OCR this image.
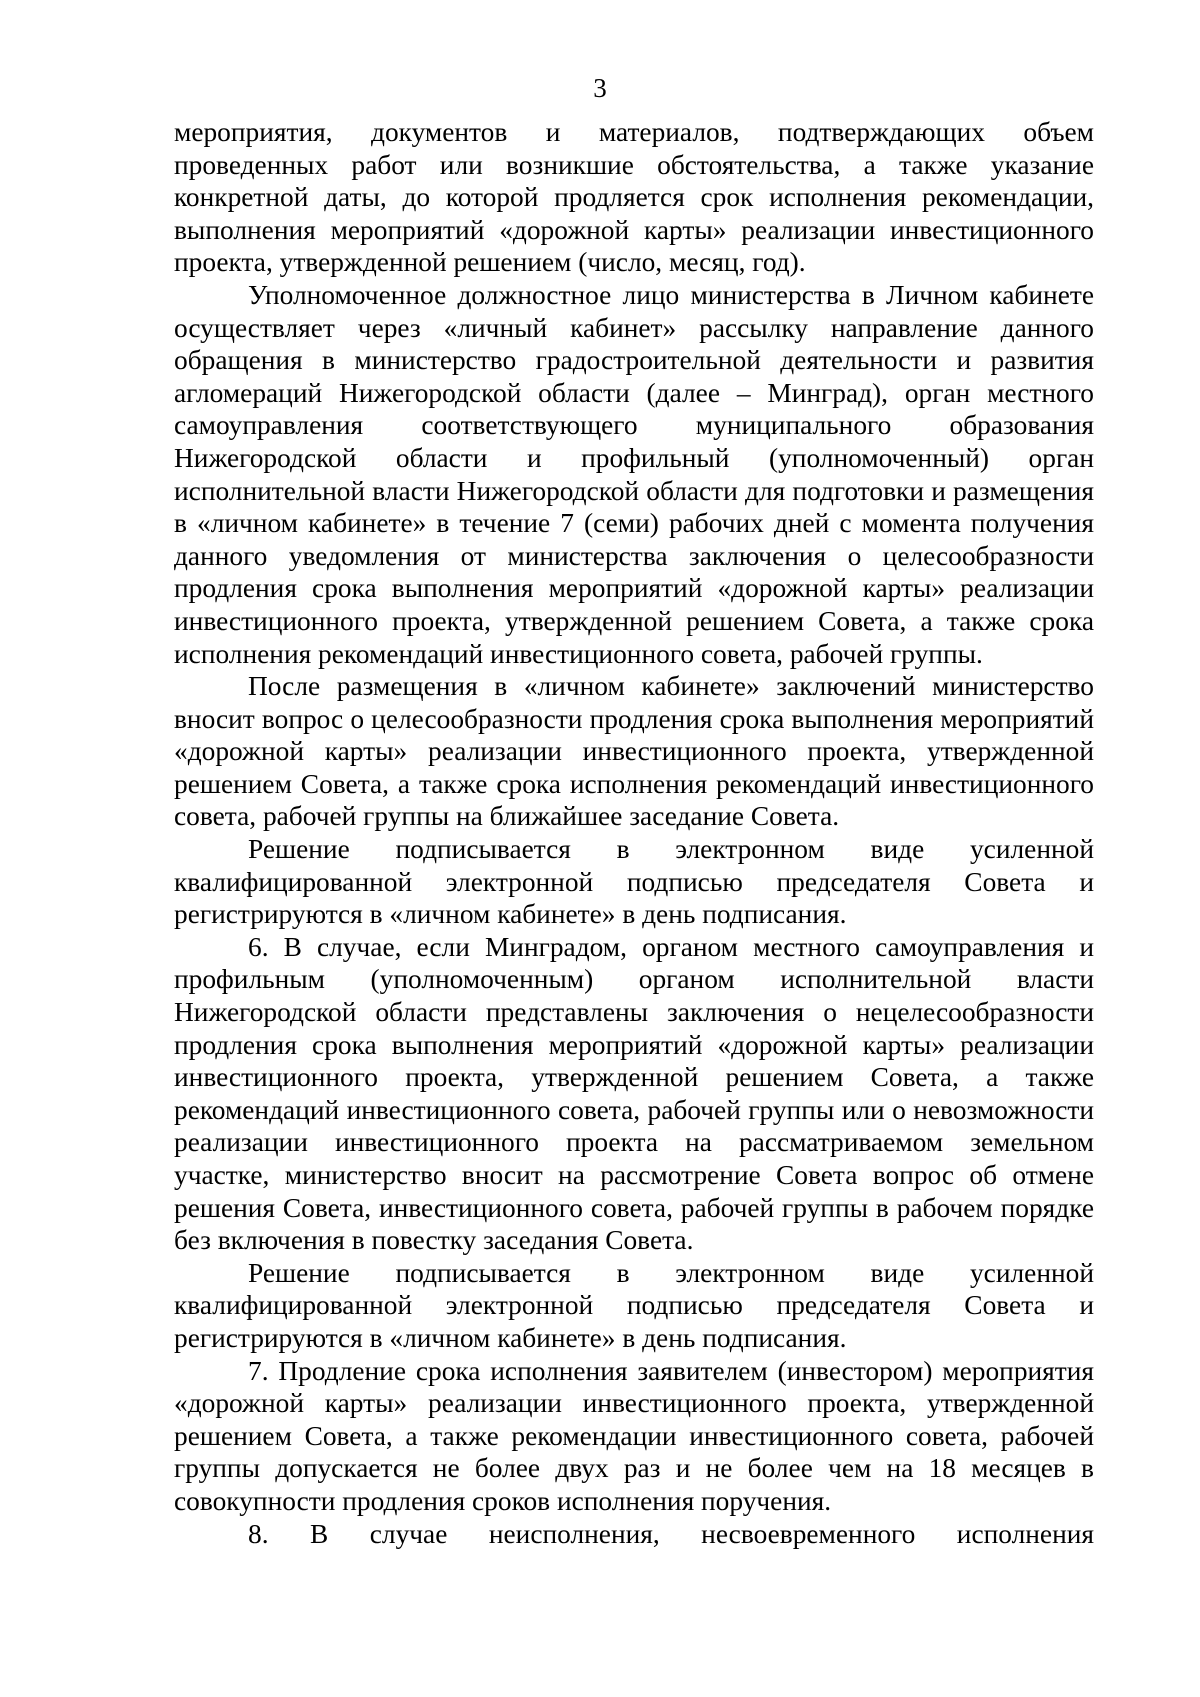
3

мероприятия, документов и материалов, подтверждающих объем проведенных работ или возникшие обстоятельства, а также указание конкретной даты, до которой продляется срок исполнения рекомендации, выполнения мероприятий «дорожной карты» реализации инвестиционного проекта, утвержденной решением (число, месяц, год).

Уполномоченное должностное лицо министерства в Личном кабинете осуществляет через «личный кабинет» рассылку направление данного обращения в министерство градостроительной деятельности и развития агломераций Нижегородской области (далее – Минград), орган местного самоуправления соответствующего муниципального образования Нижегородской области и профильный (уполномоченный) орган исполнительной власти Нижегородской области для подготовки и размещения в «личном кабинете» в течение 7 (семи) рабочих дней с момента получения данного уведомления от министерства заключения о целесообразности продления срока выполнения мероприятий «дорожной карты» реализации инвестиционного проекта, утвержденной решением Совета, а также срока исполнения рекомендаций инвестиционного совета, рабочей группы.

После размещения в «личном кабинете» заключений министерство вносит вопрос о целесообразности продления срока выполнения мероприятий «дорожной карты» реализации инвестиционного проекта, утвержденной решением Совета, а также срока исполнения рекомендаций инвестиционного совета, рабочей группы на ближайшее заседание Совета.

Решение подписывается в электронном виде усиленной квалифицированной электронной подписью председателя Совета и регистрируются в «личном кабинете» в день подписания.

6. В случае, если Минградом, органом местного самоуправления и профильным (уполномоченным) органом исполнительной власти Нижегородской области представлены заключения о нецелесообразности продления срока выполнения мероприятий «дорожной карты» реализации инвестиционного проекта, утвержденной решением Совета, а также рекомендаций инвестиционного совета, рабочей группы или о невозможности реализации инвестиционного проекта на рассматриваемом земельном участке, министерство вносит на рассмотрение Совета вопрос об отмене решения Совета, инвестиционного совета, рабочей группы в рабочем порядке без включения в повестку заседания Совета.

Решение подписывается в электронном виде усиленной квалифицированной электронной подписью председателя Совета и регистрируются в «личном кабинете» в день подписания.

7. Продление срока исполнения заявителем (инвестором) мероприятия «дорожной карты» реализации инвестиционного проекта, утвержденной решением Совета, а также рекомендации инвестиционного совета, рабочей группы допускается не более двух раз и не более чем на 18 месяцев в совокупности продления сроков исполнения поручения.

8. В случае неисполнения, несвоевременного исполнения
